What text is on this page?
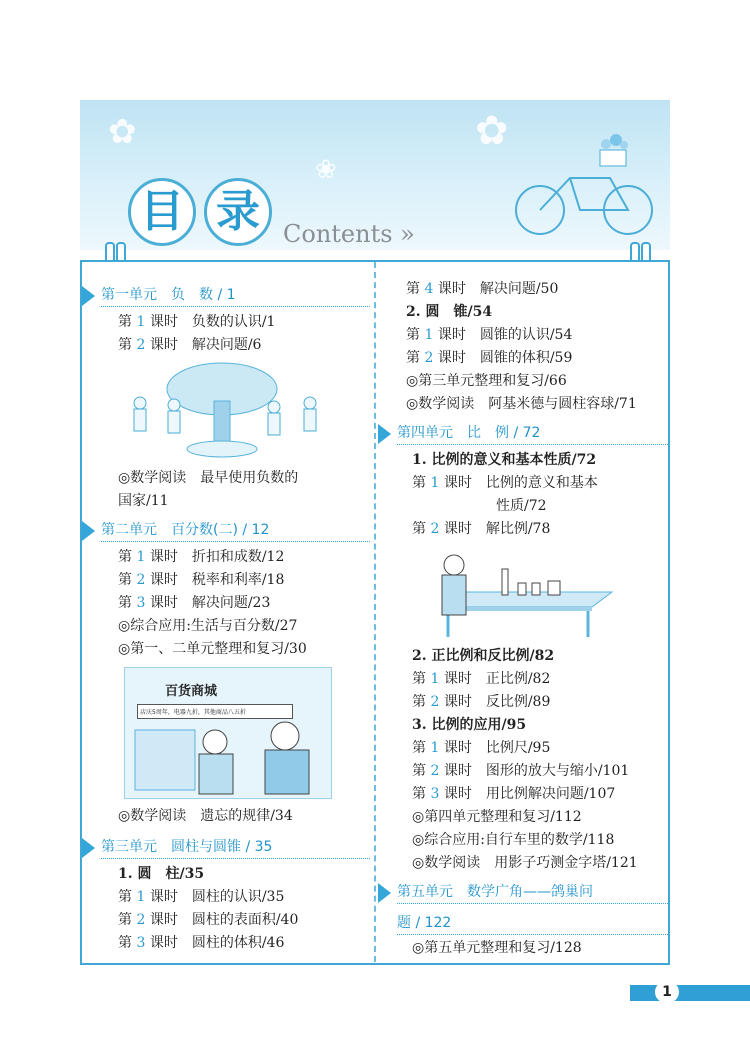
✿
❀
✿
目 录 Contents »
第一单元　负　数 / 1
第 1 课时　负数的认识/1
第 2 课时　解决问题/6
◎数学阅读　最早使用负数的
国家/11
第二单元　百分数(二) / 12
第 1 课时　折扣和成数/12
第 2 课时　税率和利率/18
第 3 课时　解决问题/23
◎综合应用:生活与百分数/27
◎第一、二单元整理和复习/30
百货商城
店庆5周年，电器九折，其他商品八五折
◎数学阅读　遗忘的规律/34
第三单元　圆柱与圆锥 / 35
1. 圆　柱/35
第 1 课时　圆柱的认识/35
第 2 课时　圆柱的表面积/40
第 3 课时　圆柱的体积/46
第 4 课时　解决问题/50
2. 圆　锥/54
第 1 课时　圆锥的认识/54
第 2 课时　圆锥的体积/59
◎第三单元整理和复习/66
◎数学阅读　阿基米德与圆柱容球/71
第四单元　比　例 / 72
1. 比例的意义和基本性质/72
第 1 课时　比例的意义和基本
性质/72
第 2 课时　解比例/78
2. 正比例和反比例/82
第 1 课时　正比例/82
第 2 课时　反比例/89
3. 比例的应用/95
第 1 课时　比例尺/95
第 2 课时　图形的放大与缩小/101
第 3 课时　用比例解决问题/107
◎第四单元整理和复习/112
◎综合应用:自行车里的数学/118
◎数学阅读　用影子巧测金字塔/121
第五单元　数学广角——鸽巢问
题 / 122
◎第五单元整理和复习/128
1
